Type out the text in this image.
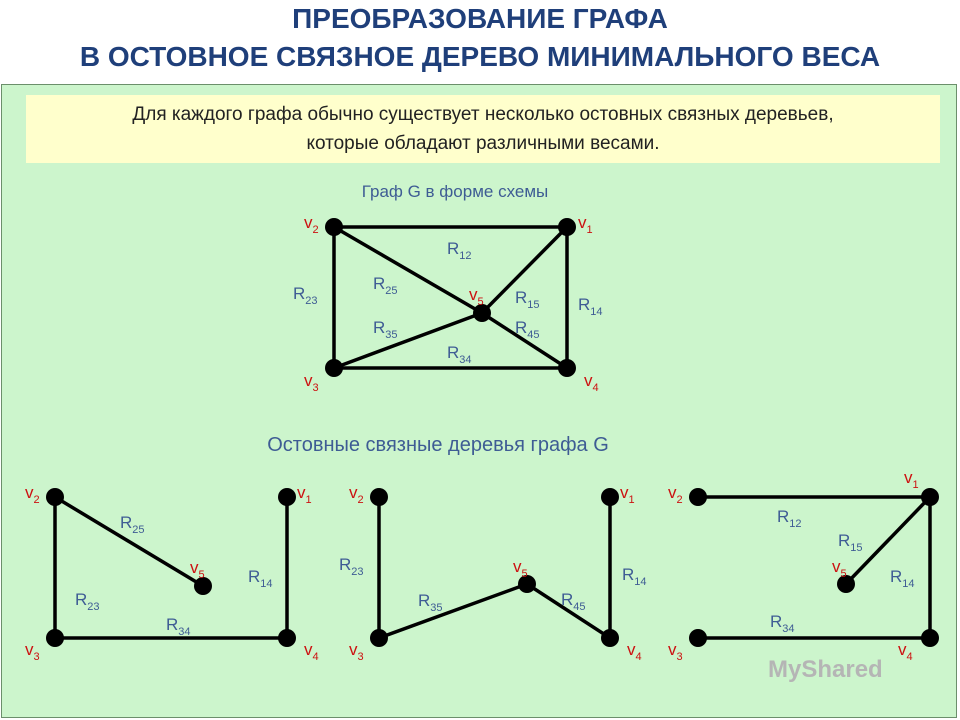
ПРЕОБРАЗОВАНИЕ ГРАФА
В ОСТОВНОЕ СВЯЗНОЕ ДЕРЕВО МИНИМАЛЬНОГО ВЕСА
Для каждого графа обычно существует несколько остовных связных деревьев,
которые обладают различными весами.
Граф G в форме схемы
Остовные связные деревья графа G
$v_1$
$v_2$
$v_3$	$v_4$
$v_5$
$R_{12}$
$R_{23}$
$R_{34}$
$R_{14}$
$R_{25}$	$R_{15}$
$R_{35}$	$R_{45}$
$v_1$
$v_2$
$v_3$	$v_4$
$v_5$
$R_{25}$
$R_{23}$
$R_{34}$
$R_{14}$
$v_1$
$v_2$
$v_3$	$v_4$
$v_5$
$R_{23}$
$R_{35}$	$R_{45}$
$R_{14}$
$v_1$
$v_2$
$v_3$	$v_4$
$v_5$
$R_{12}$
$R_{15}$
$R_{14}$
$R_{34}$
MyShared
